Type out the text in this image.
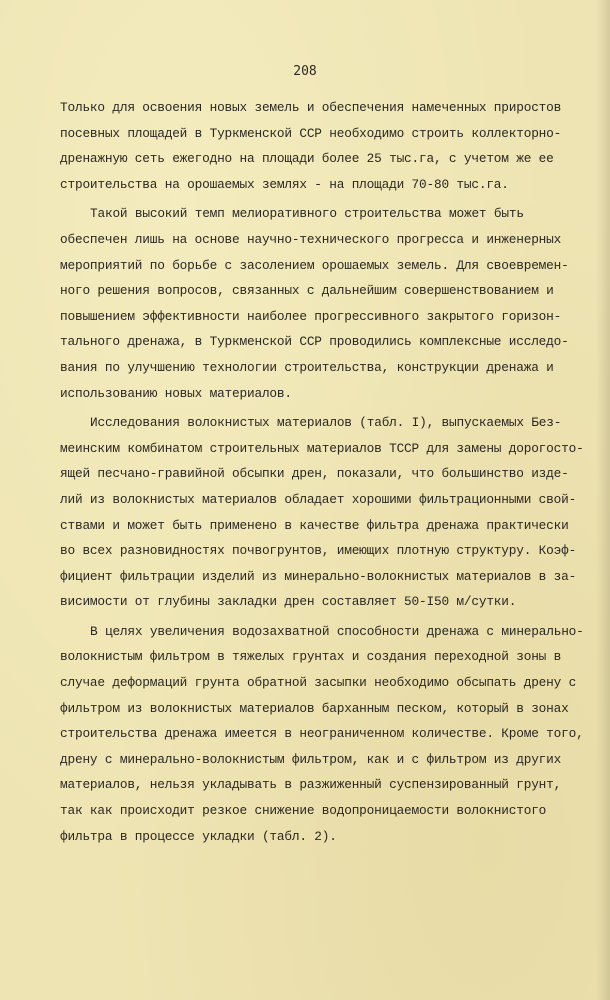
208
Только для освоения новых земель и обеспечения намеченных приростов
посевных площадей в Туркменской ССР необходимо строить коллекторно-
дренажную сеть ежегодно на площади более 25 тыс.га, с учетом же ее
строительства на орошаемых землях - на площади 70-80 тыс.га.
Такой высокий темп мелиоративного строительства может быть
обеспечен лишь на основе научно-технического прогресса и инженерных
мероприятий по борьбе с засолением орошаемых земель. Для своевремен-
ного решения вопросов, связанных с дальнейшим совершенствованием и
повышением эффективности наиболее прогрессивного закрытого горизон-
тального дренажа, в Туркменской ССР проводились комплексные исследо-
вания по улучшению технологии строительства, конструкции дренажа и
использованию новых материалов.
Исследования волокнистых материалов (табл. I), выпускаемых Без-
меинским комбинатом строительных материалов ТССР для замены дорогосто-
ящей песчано-гравийной обсыпки дрен, показали, что большинство изде-
лий из волокнистых материалов обладает хорошими фильтрационными свой-
ствами и может быть применено в качестве фильтра дренажа практически
во всех разновидностях почвогрунтов, имеющих плотную структуру. Коэф-
фициент фильтрации изделий из минерально-волокнистых материалов в за-
висимости от глубины закладки дрен составляет 50-I50 м/сутки.
В целях увеличения водозахватной способности дренажа с минерально-
волокнистым фильтром в тяжелых грунтах и создания переходной зоны в
случае деформаций грунта обратной засыпки необходимо обсыпать дрену с
фильтром из волокнистых материалов барханным песком, который в зонах
строительства дренажа имеется в неограниченном количестве. Кроме того,
дрену с минерально-волокнистым фильтром, как и с фильтром из других
материалов, нельзя укладывать в разжиженный суспензированный грунт,
так как происходит резкое снижение водопроницаемости волокнистого
фильтра в процессе укладки (табл. 2).
